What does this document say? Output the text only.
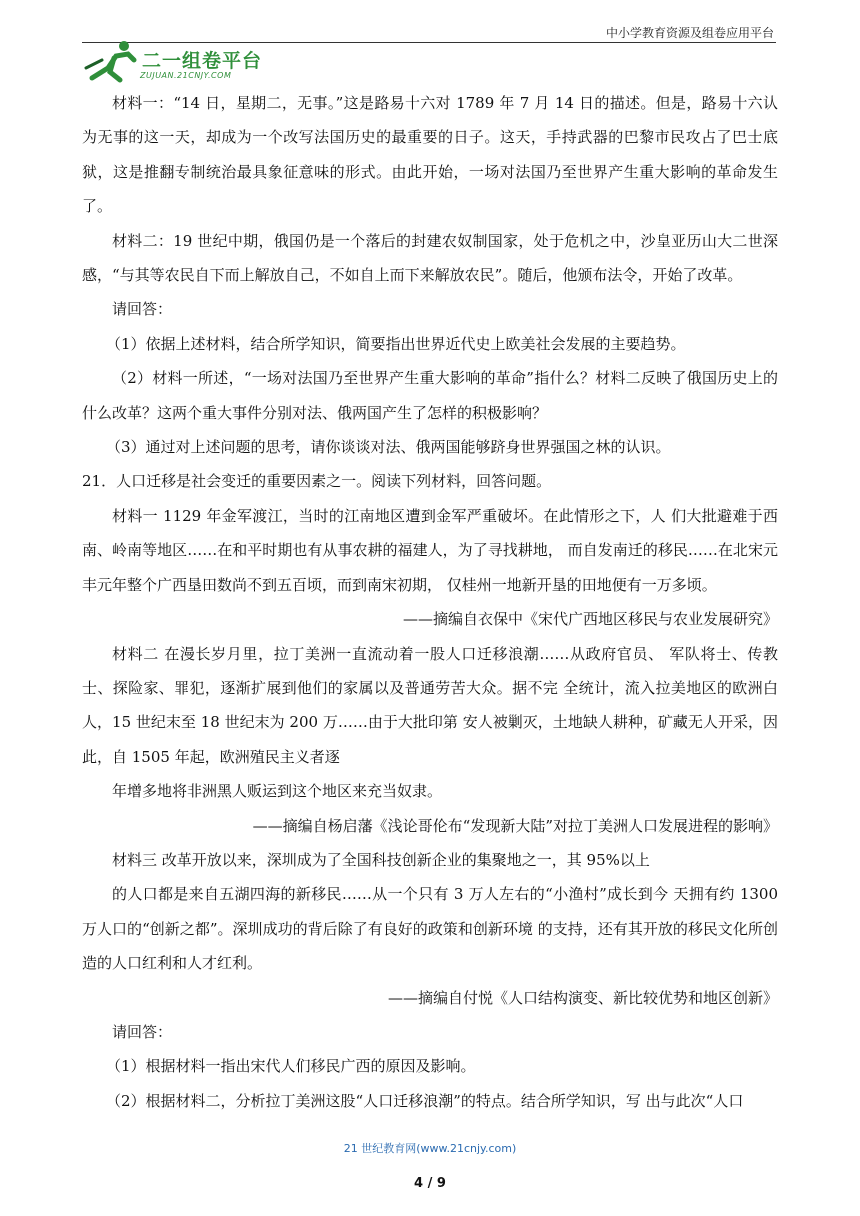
中小学教育资源及组卷应用平台
二一组卷平台
ZUJUAN.21CNJY.COM

材料一：“14 日，星期二，无事。”这是路易十六对 1789 年 7 月 14 日的描述。但是，路易十六认为无事的这一天，却成为一个改写法国历史的最重要的日子。这天，手持武器的巴黎市民攻占了巴士底狱，这是推翻专制统治最具象征意味的形式。由此开始，一场对法国乃至世界产生重大影响的革命发生了。

材料二：19 世纪中期，俄国仍是一个落后的封建农奴制国家，处于危机之中，沙皇亚历山大二世深感，“与其等农民自下而上解放自己，不如自上而下来解放农民”。随后，他颁布法令，开始了改革。

请回答：

（1）依据上述材料，结合所学知识，简要指出世界近代史上欧美社会发展的主要趋势。

（2）材料一所述，“一场对法国乃至世界产生重大影响的革命”指什么？材料二反映了俄国历史上的什么改革？这两个重大事件分别对法、俄两国产生了怎样的积极影响？

（3）通过对上述问题的思考，请你谈谈对法、俄两国能够跻身世界强国之林的认识。

21．人口迁移是社会变迁的重要因素之一。阅读下列材料，回答问题。

材料一 1129 年金军渡江，当时的江南地区遭到金军严重破坏。在此情形之下，人 们大批避难于西南、岭南等地区……在和平时期也有从事农耕的福建人，为了寻找耕地， 而自发南迁的移民……在北宋元丰元年整个广西垦田数尚不到五百顷，而到南宋初期， 仅桂州一地新开垦的田地便有一万多顷。

——摘编自衣保中《宋代广西地区移民与农业发展研究》

材料二 在漫长岁月里，拉丁美洲一直流动着一股人口迁移浪潮……从政府官员、 军队将士、传教士、探险家、罪犯，逐渐扩展到他们的家属以及普通劳苦大众。据不完 全统计，流入拉美地区的欧洲白人，15 世纪末至 18 世纪末为 200 万……由于大批印第 安人被剿灭，土地缺人耕种，矿藏无人开采，因此，自 1505 年起，欧洲殖民主义者逐

年增多地将非洲黑人贩运到这个地区来充当奴隶。

——摘编自杨启藩《浅论哥伦布“发现新大陆”对拉丁美洲人口发展进程的影响》

材料三 改革开放以来，深圳成为了全国科技创新企业的集聚地之一，其 95%以上

的人口都是来自五湖四海的新移民……从一个只有 3 万人左右的“小渔村”成长到今 天拥有约 1300 万人口的“创新之都”。深圳成功的背后除了有良好的政策和创新环境 的支持，还有其开放的移民文化所创造的人口红利和人才红利。

——摘编自付悦《人口结构演变、新比较优势和地区创新》

请回答：

（1）根据材料一指出宋代人们移民广西的原因及影响。

（2）根据材料二，分析拉丁美洲这股“人口迁移浪潮”的特点。结合所学知识，写 出与此次“人口

21 世纪教育网(www.21cnjy.com)
4 / 9
